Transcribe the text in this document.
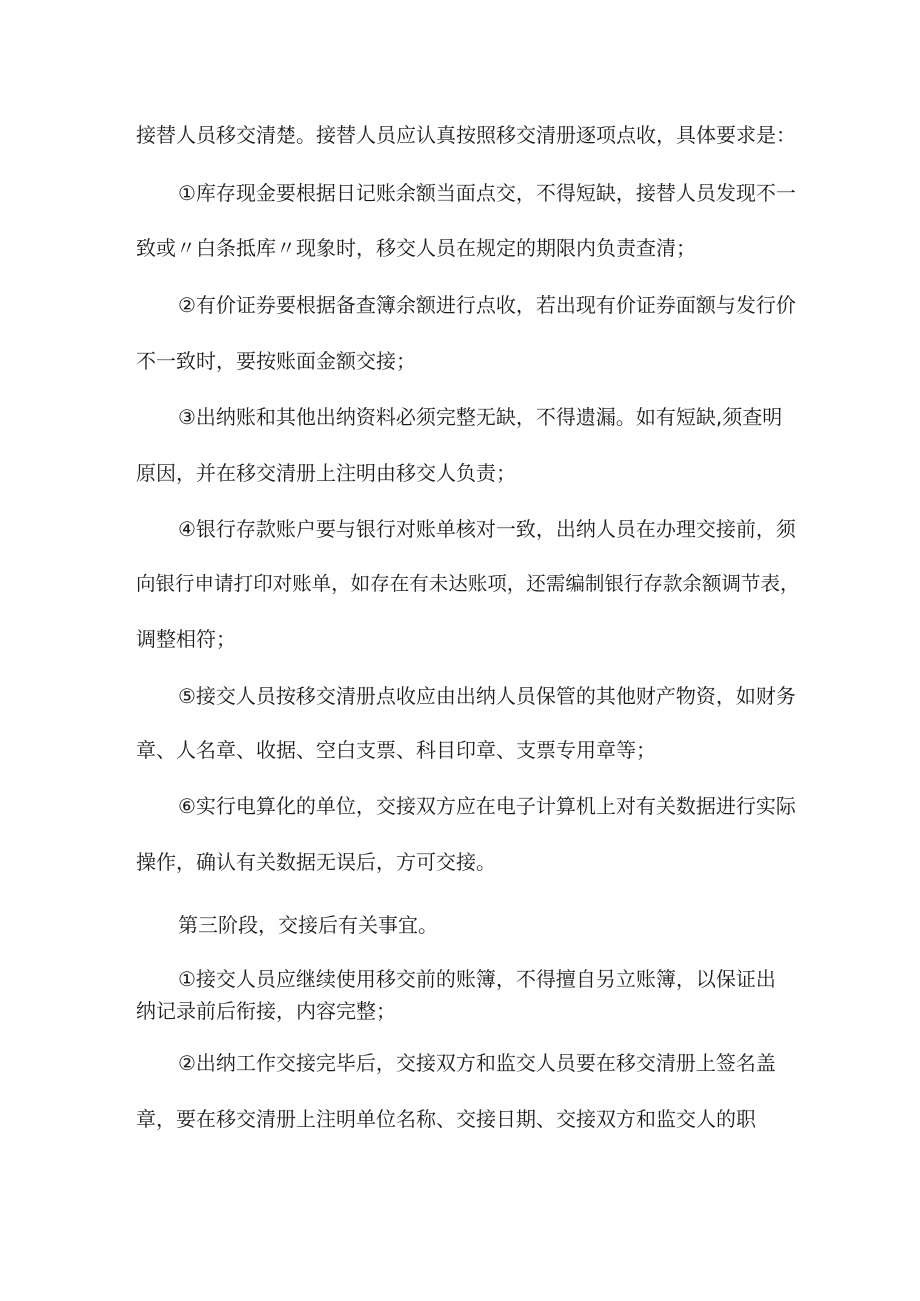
接替人员移交清楚。接替人员应认真按照移交清册逐项点收，具体要求是：
①库存现金要根据日记账余额当面点交，不得短缺，接替人员发现不一
致或〃白条抵库〃现象时，移交人员在规定的期限内负责查清；
②有价证券要根据备查簿余额进行点收，若出现有价证券面额与发行价
不一致时，要按账面金额交接；
③出纳账和其他出纳资料必须完整无缺，不得遗漏。如有短缺,须查明
原因，并在移交清册上注明由移交人负责；
④银行存款账户要与银行对账单核对一致，出纳人员在办理交接前，须
向银行申请打印对账单，如存在有未达账项，还需编制银行存款余额调节表，
调整相符；
⑤接交人员按移交清册点收应由出纳人员保管的其他财产物资，如财务
章、人名章、收据、空白支票、科目印章、支票专用章等；
⑥实行电算化的单位，交接双方应在电子计算机上对有关数据进行实际
操作，确认有关数据无误后，方可交接。
第三阶段，交接后有关事宜。
①接交人员应继续使用移交前的账簿，不得擅自另立账簿，以保证出
纳记录前后衔接，内容完整；
②出纳工作交接完毕后，交接双方和监交人员要在移交清册上签名盖
章，要在移交清册上注明单位名称、交接日期、交接双方和监交人的职
